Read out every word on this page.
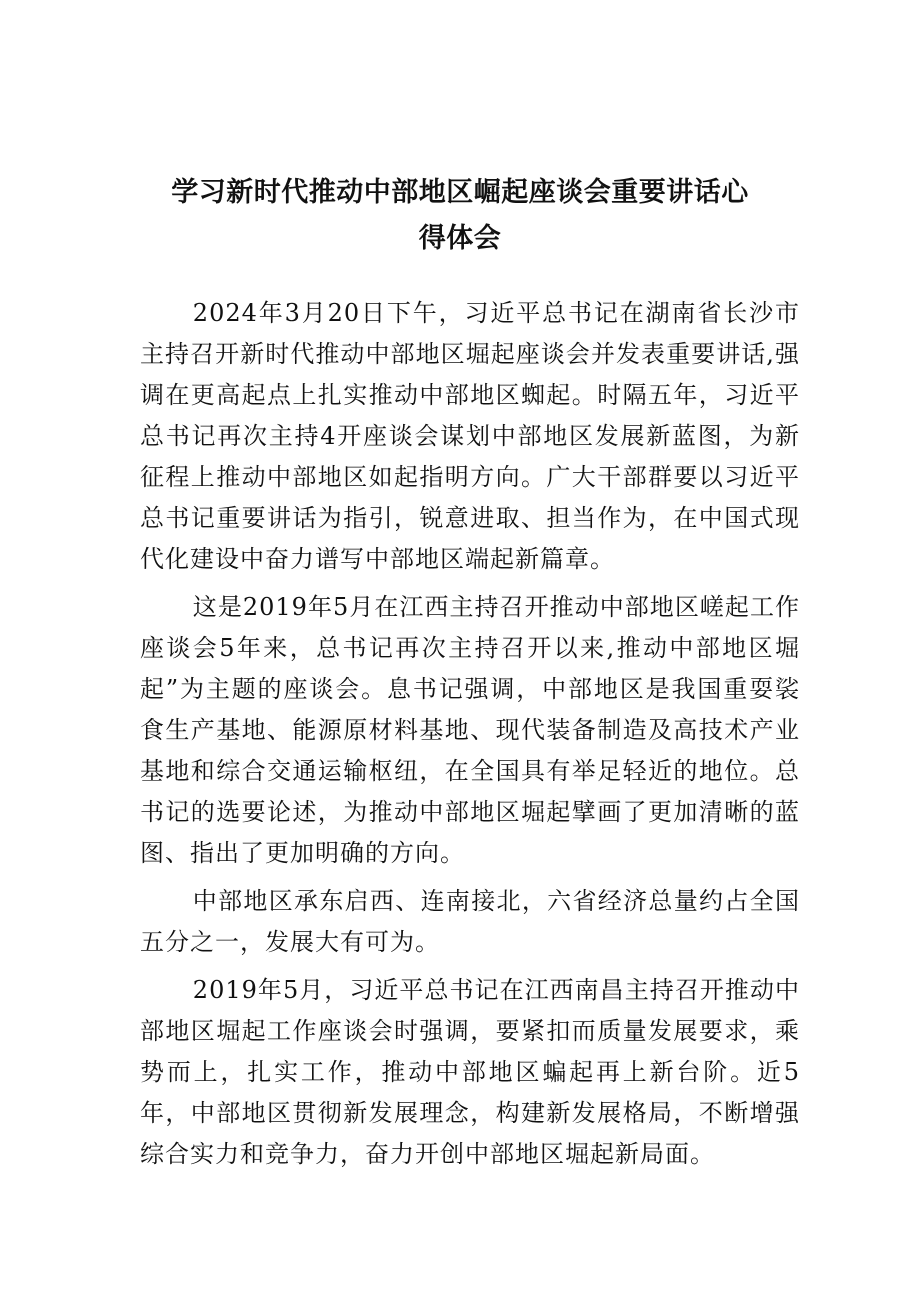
学习新时代推动中部地区崛起座谈会重要讲话心得体会

2024年3月20日下午，习近平总书记在湖南省长沙市主持召开新时代推动中部地区堀起座谈会并发表重要讲话,强调在更高起点上扎实推动中部地区蜘起。时隔五年，习近平总书记再次主持4开座谈会谋划中部地区发展新蓝图，为新征程上推动中部地区如起指明方向。广大干部群要以习近平总书记重要讲话为指引，锐意进取、担当作为，在中国式现代化建设中奋力谱写中部地区端起新篇章。

这是2019年5月在江西主持召开推动中部地区嵯起工作座谈会5年来，总书记再次主持召开以来,推动中部地区堀起”为主题的座谈会。息书记强调，中部地区是我国重耍裟食生产基地、能源原材料基地、现代装备制造及高技术产业基地和综合交通运输枢纽，在全国具有举足轻近的地位。总书记的选要论述，为推动中部地区堀起擘画了更加清晰的蓝图、指出了更加明确的方向。

中部地区承东启西、连南接北，六省经济总量约占全国五分之一，发展大有可为。

2019年5月，习近平总书记在江西南昌主持召开推动中部地区堀起工作座谈会时强调，要紧扣而质量发展要求，乘势而上，扎实工作，推动中部地区蝙起再上新台阶。近5年，中部地区贯彻新发展理念，构建新发展格局，不断增强综合实力和竞争力，奋力开创中部地区堀起新局面。
